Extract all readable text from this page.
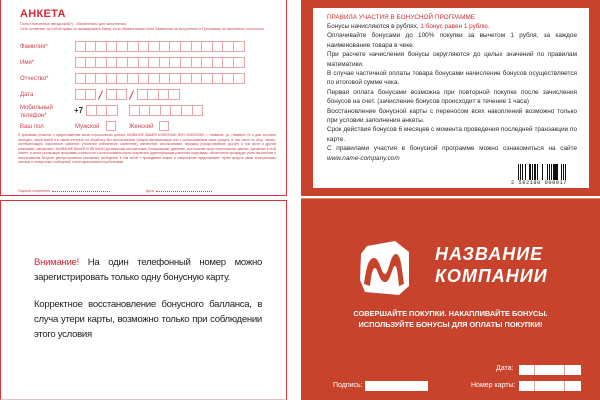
АНКЕТА
Поля отмеченные звездочкой(*) - обязательны для заполнения.
Сеть оставляет за собой право не активировать Карту, если обязательные поля Заявления на вступление в Программу не заполнены полностью.
Фамилия*
Имя*
Отчество*
Дата
Мобильный
телефон*
+7
Ваш пол	Мужской	Женский
Я принимаю решение о предоставлении своих персональных данных НАЗВАНИЕ ВАШЕЙ КОМПАНИИ ИНН 0000000000, г. Название, ул. Название 00 и даю согласие свободно, своей волей и в своем интересе на обработку без использования средств автоматизации или с использованием таких средств, в том числе на сбор, запись, систематизацию, накопление, хранение, уточнение (обновление, изменение), извлечение, использование, передачу (предоставление, доступ) в том числе и другим компаниям, связанным с НАЗВАНИЕ ВАШЕЙ КОМПАНИИ договорными отношениями, блокирование, удаление, уничтожение моих персональных данных, указанных в этой Анкете, в целях реализации программы лояльности и использования карты покупателя (идентификации участника программы, обеспечения процедуры учета накопления и использования бонусов, распространения рекламных сообщений, в том числе о проводимых акциях и специальных предложениях, путем средств связи электронными почтами и телефонных сообщений) с потенциальными потребителями.
Подпись покупателя	Дата
ПРАВИЛА УЧАСТИЯ В БОНУСНОЙ ПРОГРАММЕ

Бонусы начисляются в рублях, 1 бонус равен 1 рублю.

Оплачивайте бонусами до 100% покупки за вычетом 1 рубля, за каждое наименование товара в чеке.

При расчете начисления бонусы округляются до целых значений по правилам математики.

В случае частичной оплаты товара бонусами начисление бонусов осуществляется по итоговой сумме чека.

Первая оплата бонусами возможна при повторной покупке после зачисления бонусов на счет. (зачисление бонусов происходит в течение 1 часа)

Восстановление бонусной карты с переносом всех накоплений возможно только при условии заполнения анкеты.

Срок действия бонусов 6 месяцев с момента проведения последней транзакции по карте.

С правилами участия в бонусной программе можно ознакомиться на сайте www.name-company.com

2 592180 000017

Внимание! На один телефонный номер можно зарегистрировать только одну бонусную карту.

Корректное восстановление бонусного балланса, в случа утери карты, возможно только при соблюдении этого условия

НАЗВАНИЕ
КОМПАНИИ
СОВЕРШАЙТЕ ПОКУПКИ. НАКАПЛИВАЙТЕ БОНУСЫ.
ИСПОЛЬЗУЙТЕ БОНУСЫ ДЛЯ ОПЛАТЫ ПОКУПКИ!
Дата:
Подпись:	Номер карты:
